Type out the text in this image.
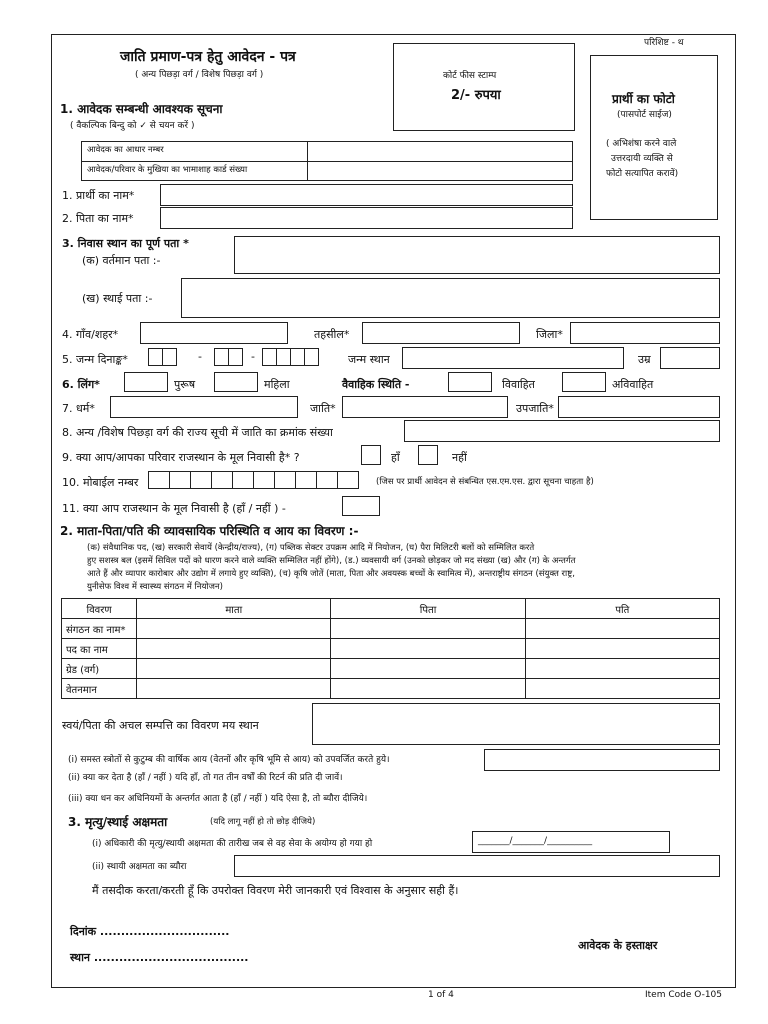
परिशिष्ट - थ
जाति प्रमाण-पत्र हेतु आवेदन - पत्र
( अन्य पिछड़ा वर्ग / विशेष पिछड़ा वर्ग )	कोर्ट फीस स्टाम्प
2/- रुपया	प्रार्थी का फोटो
(पासपोर्ट साईज)
( अभिशंषा करने वाले
उत्तरदायी व्यक्ति से
फोटो सत्यापित करावें)
1. आवेदक सम्बन्धी आवश्यक सूचना
( वैकल्पिक बिन्दु को ✓ से चयन करें )
आवेदक का आधार नम्बर
आवेदक/परिवार के मुखिया का भामाशाह कार्ड संख्या
1. प्रार्थी का नाम*
2. पिता का नाम*
3. निवास स्थान का पूर्ण पता *
(क) वर्तमान पता :-
(ख) स्थाई पता :-
4. गाँव/शहर*	तहसील*	जिला*
5. जन्म दिनाङ्क*	-	-	जन्म स्थान	उम्र
6. लिंग*	पुरूष	महिला	वैवाहिक स्थिति -	विवाहित	अविवाहित
7. धर्म*	जाति*	उपजाति*
8. अन्य /विशेष पिछड़ा वर्ग की राज्य सूची में जाति का क्रमांक संख्या
9. क्या आप/आपका परिवार राजस्थान के मूल निवासी है* ?	हाँ	नहीं
10. मोबाईल नम्बर	(जिस पर प्रार्थी आवेदन से संबन्धित एस.एम.एस. द्वारा सूचना चाहता है)
11. क्या आप राजस्थान के मूल निवासी है (हाँ / नहीं ) -
2. माता-पिता/पति की व्यावसायिक परिस्थिति व आय का विवरण :-
(क) संवैधानिक पद, (ख) सरकारी सेवायें (केन्द्रीय/राज्य), (ग) पब्लिक सेक्टर उपक्रम आदि में नियोजन, (घ) पैरा मिलिटरी बलों को सम्मिलित करते
हुए सशस्त्र बल (इसमें सिविल पदों को धारण करने वाले व्यक्ति सम्मिलित नहीं होंगे), (ड.) व्यवसायी वर्ग (उनको छोड़कर जो मद संख्या (ख) और (ग) के अन्तर्गत
आते हैं और व्यापार कारोबार और उद्योग में लगाये हुए व्यक्ति), (च) कृषि जोतें (माता, पिता और अवयस्क बच्चों के स्वामित्व में), अन्तराष्ट्रीय संगठन (संयुक्त राष्ट्र,
युनीसेफ विश्व में स्वास्थ्य संगठन में नियोजन)
विवरण	माता	पिता	पति
संगठन का नाम*			
पद का नाम			
ग्रेड (वर्ग)			
वेतनमान			
स्वयं/पिता की अचल सम्पत्ति का विवरण मय स्थान
(i) समस्त स्त्रोतों से कुटुम्ब की वार्षिक आय (वेतनों और कृषि भूमि से आय) को उपवर्जित करते हुये।
(ii) क्या कर देता है (हाँ / नहीं ) यदि हाँ, तो गत तीन वर्षों की रिटर्न की प्रति दी जावें।
(iii) क्या धन कर अधिनियमों के अन्तर्गत आता है (हाँ / नहीं ) यदि ऐसा है, तो ब्यौरा दीजिये।
3. मृत्यु/स्थाई अक्षमता	(यदि लागू नहीं हो तो छोड़ दीजिये)
(i) अधिकारी की मृत्यु/स्थायी अक्षमता की तारीख जब से वह सेवा के अयोग्य हो गया हो	_______/_______/__________
(ii) स्थायी अक्षमता का ब्यौरा
मैं तसदीक करता/करती हूँ कि उपरोक्त विवरण मेरी जानकारी एवं विश्वास के अनुसार सही हैं।
दिनांक ...............................
स्थान .....................................
आवेदक के हस्ताक्षर
1 of 4	Item Code O-105
